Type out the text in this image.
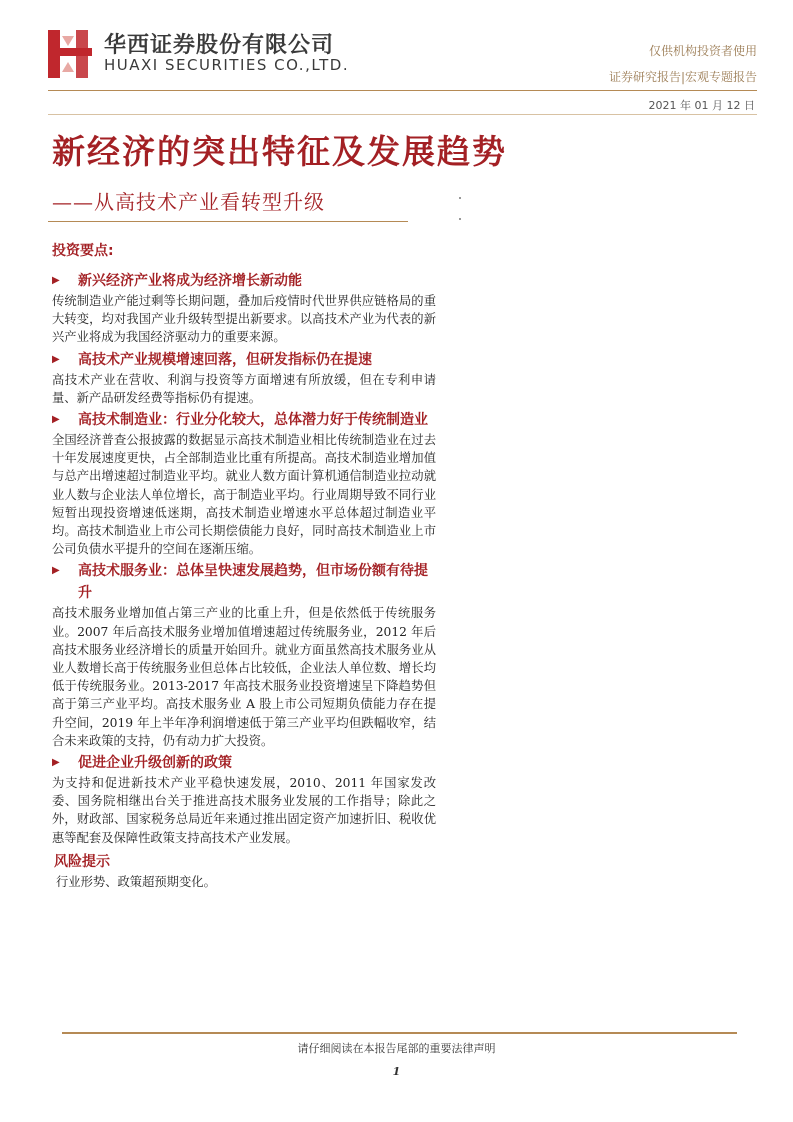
华西证券股份有限公司
HUAXI SECURITIES CO.,LTD.
仅供机构投资者使用
证券研究报告|宏观专题报告
2021 年 01 月 12 日
新经济的突出特征及发展趋势
——从高技术产业看转型升级
投资要点:
▶	新兴经济产业将成为经济增长新动能

传统制造业产能过剩等长期问题，叠加后疫情时代世界供应链格局的重大转变，均对我国产业升级转型提出新要求。以高技术产业为代表的新兴产业将成为我国经济驱动力的重要来源。

▶	高技术产业规模增速回落，但研发指标仍在提速

高技术产业在营收、利润与投资等方面增速有所放缓，但在专利申请量、新产品研发经费等指标仍有提速。

▶	高技术制造业：行业分化较大，总体潜力好于传统制造业

全国经济普查公报披露的数据显示高技术制造业相比传统制造业在过去十年发展速度更快，占全部制造业比重有所提高。高技术制造业增加值与总产出增速超过制造业平均。就业人数方面计算机通信制造业拉动就业人数与企业法人单位增长，高于制造业平均。行业周期导致不同行业短暂出现投资增速低迷期，高技术制造业增速水平总体超过制造业平均。高技术制造业上市公司长期偿债能力良好，同时高技术制造业上市公司负债水平提升的空间在逐渐压缩。

▶	高技术服务业：总体呈快速发展趋势，但市场份额有待提升

高技术服务业增加值占第三产业的比重上升，但是依然低于传统服务业。2007 年后高技术服务业增加值增速超过传统服务业，2012 年后高技术服务业经济增长的质量开始回升。就业方面虽然高技术服务业从业人数增长高于传统服务业但总体占比较低，企业法人单位数、增长均低于传统服务业。2013-2017 年高技术服务业投资增速呈下降趋势但高于第三产业平均。高技术服务业 A 股上市公司短期负债能力存在提升空间，2019 年上半年净利润增速低于第三产业平均但跌幅收窄，结合未来政策的支持，仍有动力扩大投资。

▶	促进企业升级创新的政策

为支持和促进新技术产业平稳快速发展，2010、2011 年国家发改委、国务院相继出台关于推进高技术服务业发展的工作指导；除此之外，财政部、国家税务总局近年来通过推出固定资产加速折旧、税收优惠等配套及保障性政策支持高技术产业发展。

风险提示
行业形势、政策超预期变化。
请仔细阅读在本报告尾部的重要法律声明
1
